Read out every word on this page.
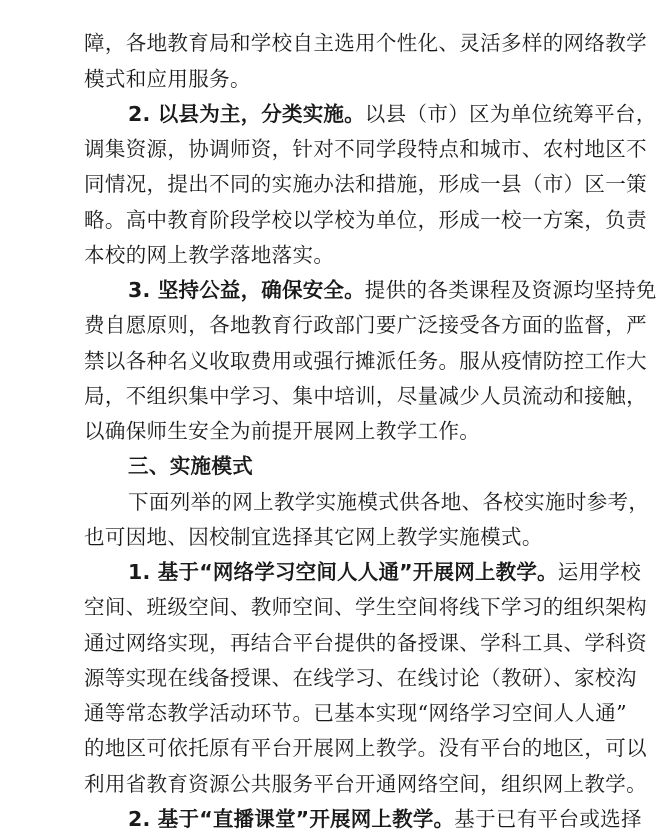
障，各地教育局和学校自主选用个性化、灵活多样的网络教学
模式和应用服务。
2. 以县为主，分类实施。以县（市）区为单位统筹平台，
调集资源，协调师资，针对不同学段特点和城市、农村地区不
同情况，提出不同的实施办法和措施，形成一县（市）区一策
略。高中教育阶段学校以学校为单位，形成一校一方案，负责
本校的网上教学落地落实。
3. 坚持公益，确保安全。提供的各类课程及资源均坚持免
费自愿原则，各地教育行政部门要广泛接受各方面的监督，严
禁以各种名义收取费用或强行摊派任务。服从疫情防控工作大
局，不组织集中学习、集中培训，尽量减少人员流动和接触，
以确保师生安全为前提开展网上教学工作。
三、实施模式
下面列举的网上教学实施模式供各地、各校实施时参考，
也可因地、因校制宜选择其它网上教学实施模式。
1. 基于“网络学习空间人人通”开展网上教学。运用学校
空间、班级空间、教师空间、学生空间将线下学习的组织架构
通过网络实现，再结合平台提供的备授课、学科工具、学科资
源等实现在线备授课、在线学习、在线讨论（教研）、家校沟
通等常态教学活动环节。已基本实现“网络学习空间人人通”
的地区可依托原有平台开展网上教学。没有平台的地区，可以
利用省教育资源公共服务平台开通网络空间，组织网上教学。
2. 基于“直播课堂”开展网上教学。基于已有平台或选择
